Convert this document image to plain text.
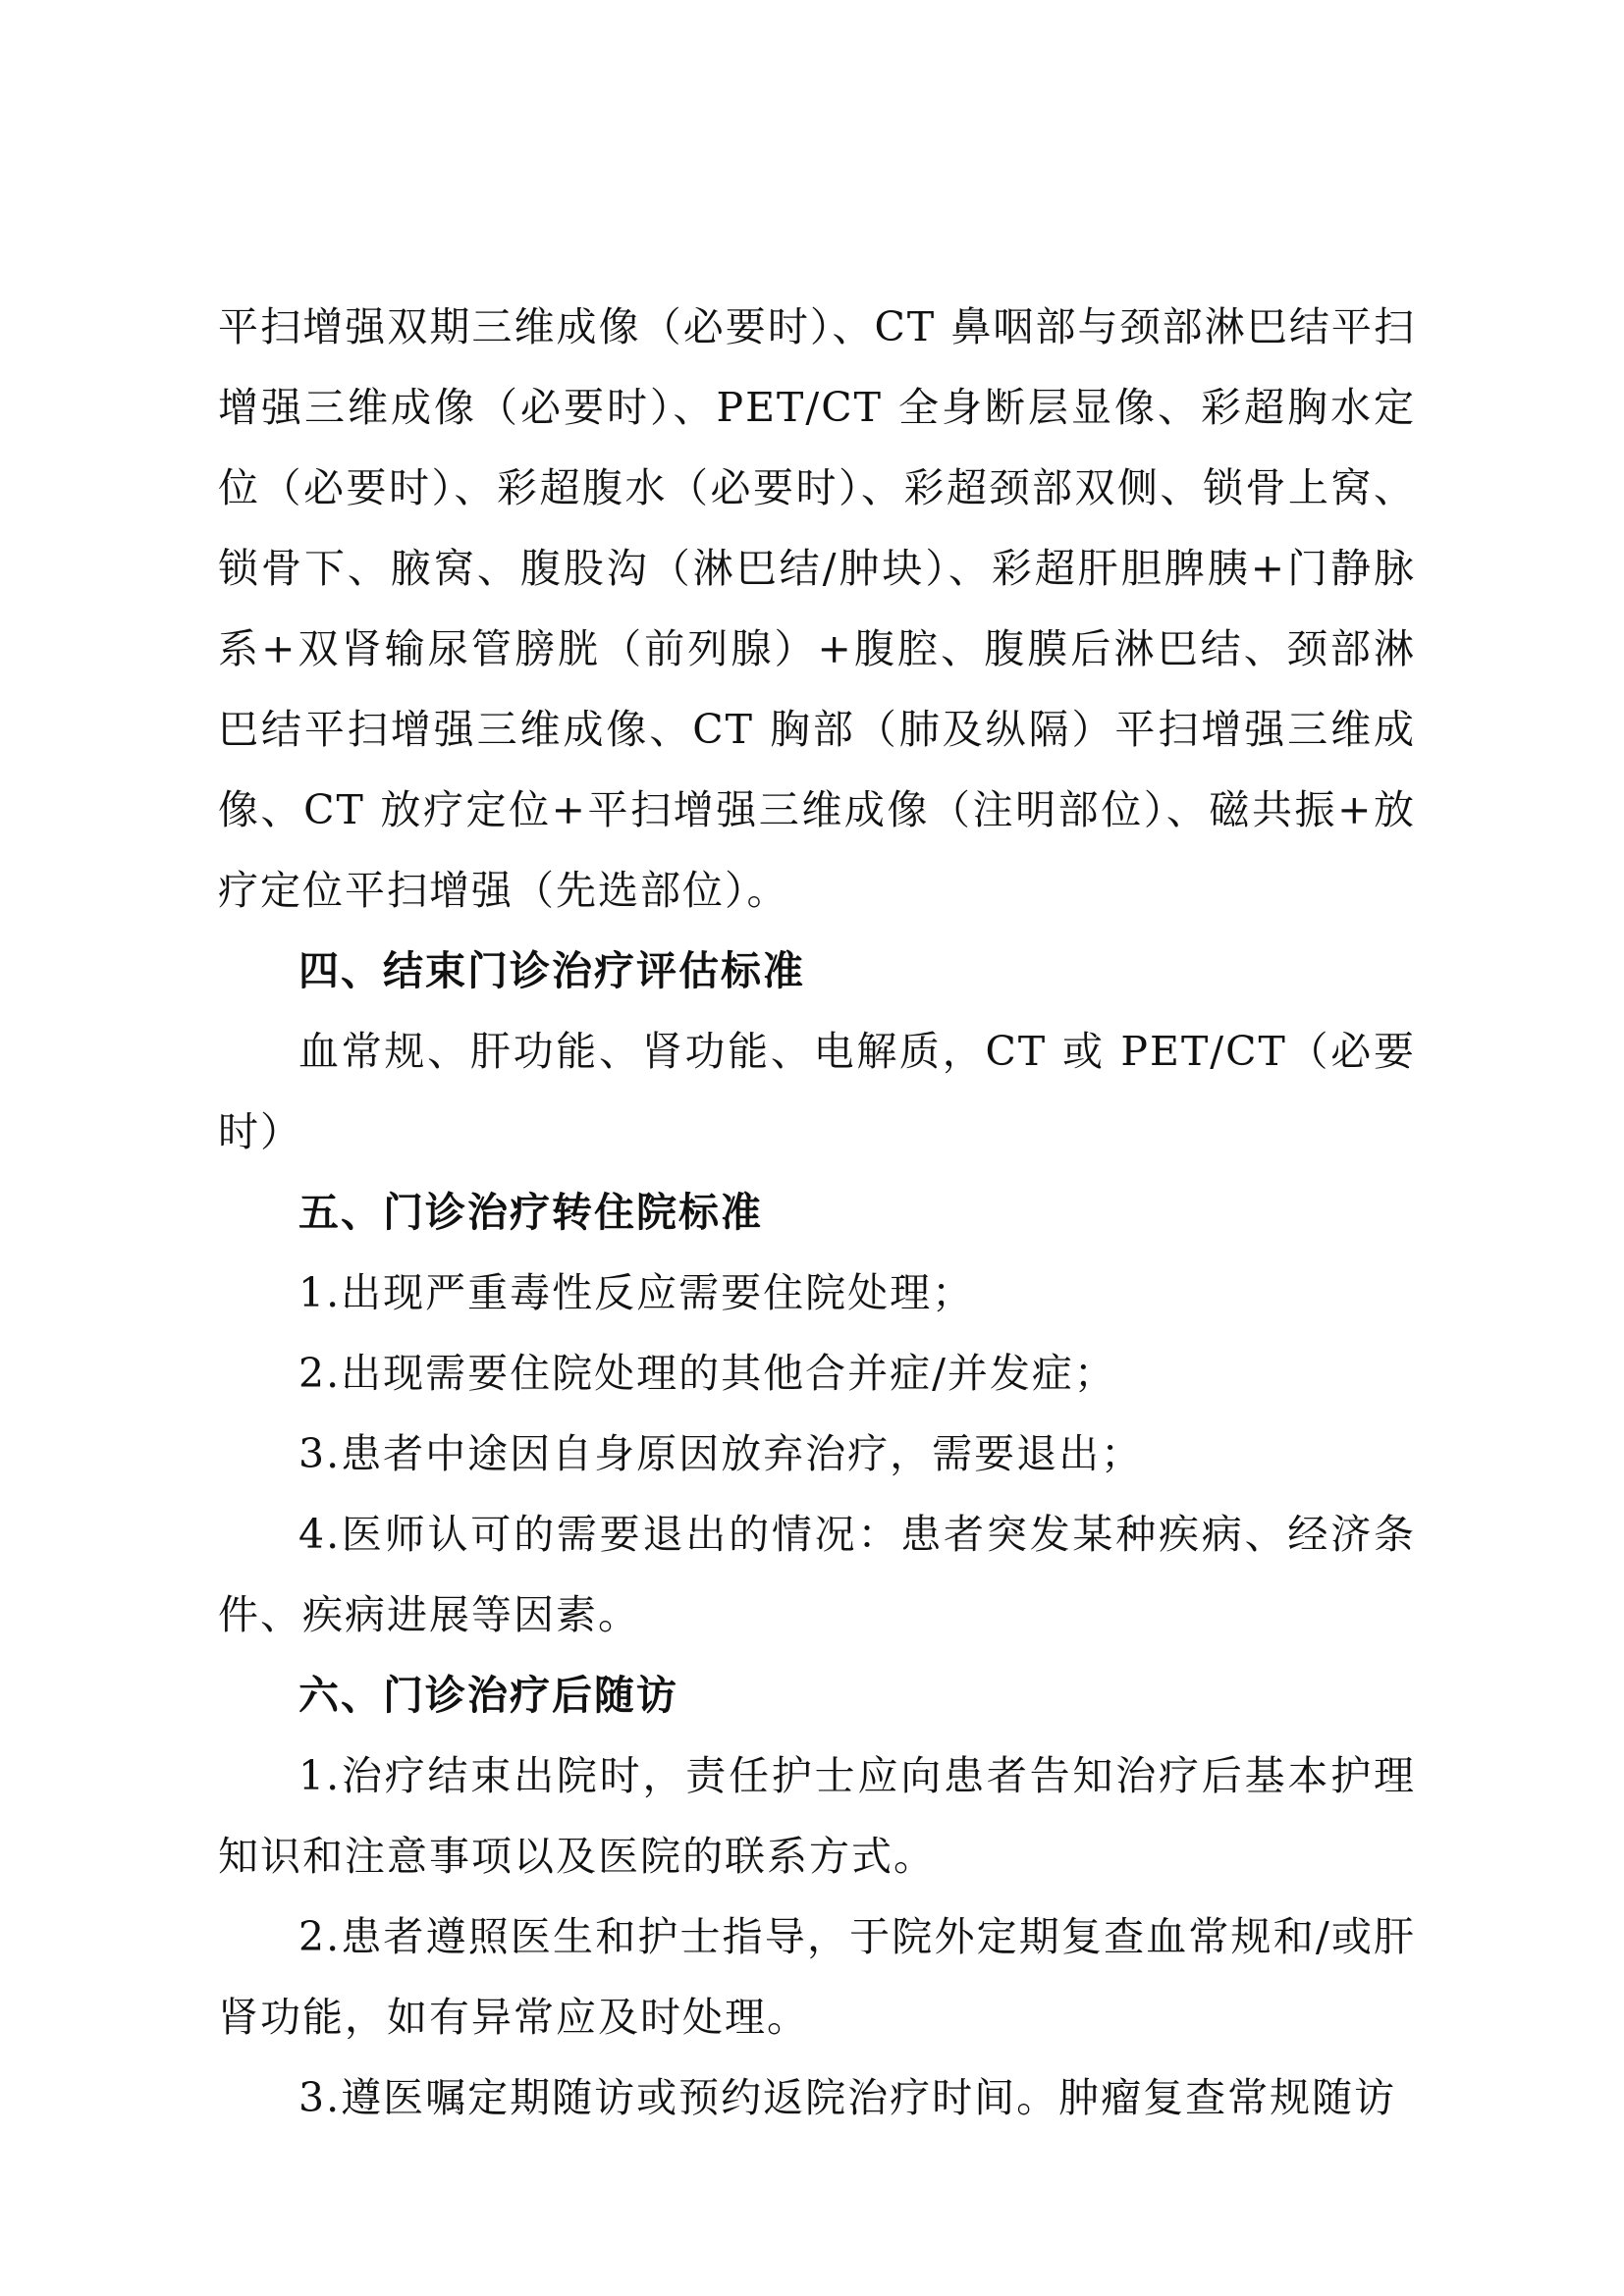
平扫增强双期三维成像（必要时）、CT 鼻咽部与颈部淋巴结平扫增强三维成像（必要时）、PET/CT 全身断层显像、彩超胸水定位（必要时）、彩超腹水（必要时）、彩超颈部双侧、锁骨上窝、锁骨下、腋窝、腹股沟（淋巴结/肿块）、彩超肝胆脾胰+门静脉系+双肾输尿管膀胱（前列腺）+腹腔、腹膜后淋巴结、颈部淋巴结平扫增强三维成像、CT 胸部（肺及纵隔）平扫增强三维成像、CT 放疗定位+平扫增强三维成像（注明部位）、磁共振+放疗定位平扫增强（先选部位）。

四、结束门诊治疗评估标准

血常规、肝功能、肾功能、电解质，CT 或 PET/CT（必要时）

五、门诊治疗转住院标准

1.出现严重毒性反应需要住院处理；

2.出现需要住院处理的其他合并症/并发症；

3.患者中途因自身原因放弃治疗，需要退出；

4.医师认可的需要退出的情况：患者突发某种疾病、经济条件、疾病进展等因素。

六、门诊治疗后随访

1.治疗结束出院时，责任护士应向患者告知治疗后基本护理知识和注意事项以及医院的联系方式。

2.患者遵照医生和护士指导，于院外定期复查血常规和/或肝肾功能，如有异常应及时处理。

3.遵医嘱定期随访或预约返院治疗时间。肿瘤复查常规随访
